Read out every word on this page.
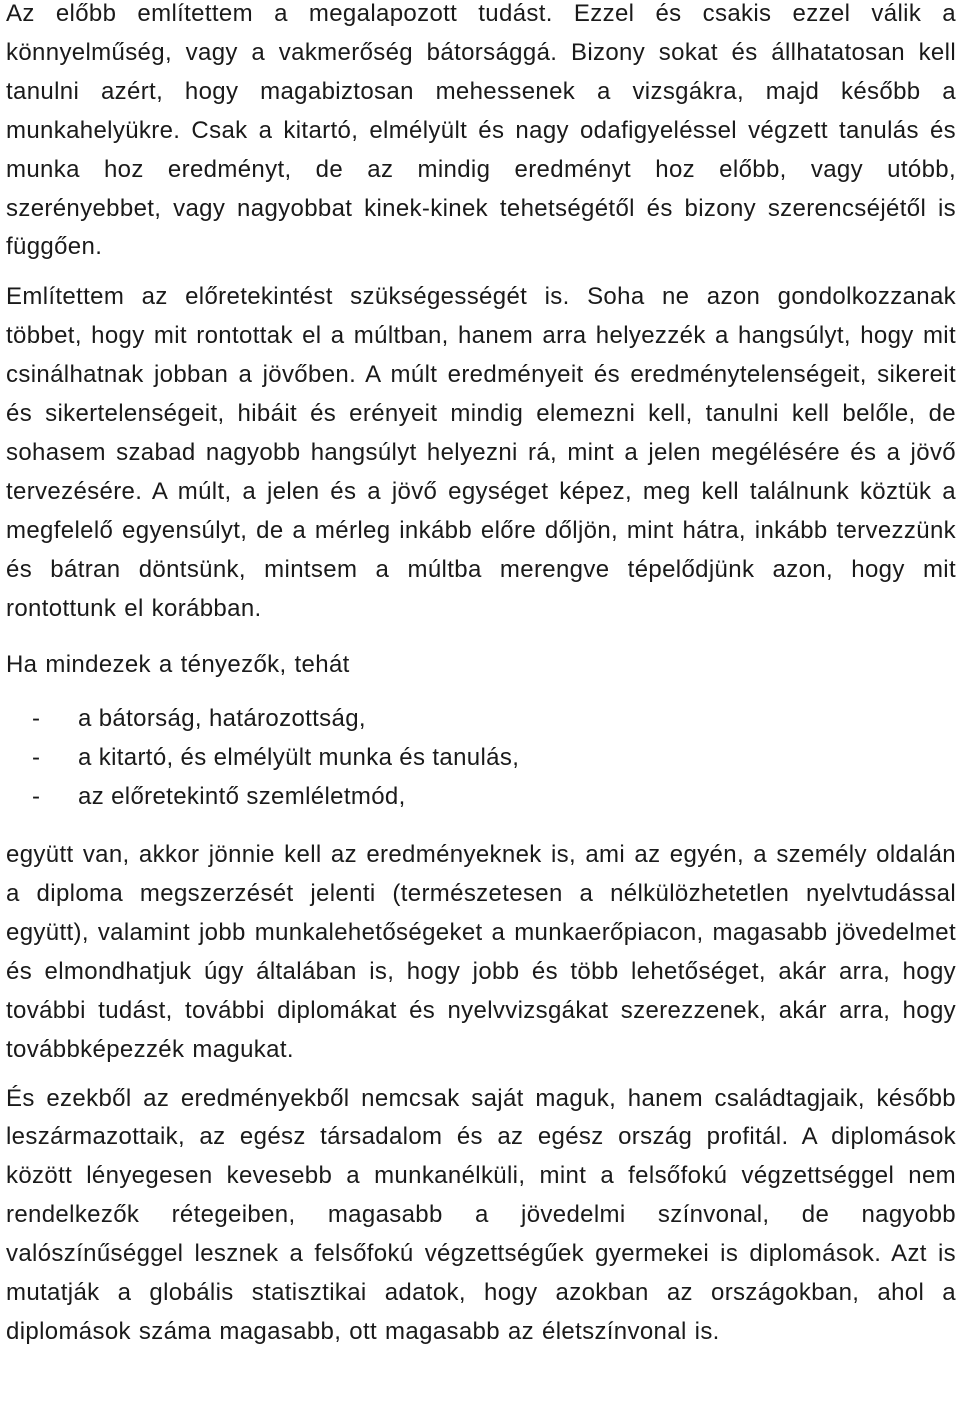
Az előbb említettem a megalapozott tudást. Ezzel és csakis ezzel válik a könnyelműség, vagy a vakmerőség bátorsággá. Bizony sokat és állhatatosan kell tanulni azért, hogy magabiztosan mehessenek a vizsgákra, majd később a munkahelyükre. Csak a kitartó, elmélyült és nagy odafigyeléssel végzett tanulás és munka hoz eredményt, de az mindig eredményt hoz előbb, vagy utóbb, szerényebbet, vagy nagyobbat kinek-kinek tehetségétől és bizony szerencséjétől is függően.

Említettem az előretekintést szükségességét is. Soha ne azon gondolkozzanak többet, hogy mit rontottak el a múltban, hanem arra helyezzék a hangsúlyt, hogy mit csinálhatnak jobban a jövőben. A múlt eredményeit és eredménytelenségeit, sikereit és sikertelenségeit, hibáit és erényeit mindig elemezni kell, tanulni kell belőle, de sohasem szabad nagyobb hangsúlyt helyezni rá, mint a jelen megélésére és a jövő tervezésére. A múlt, a jelen és a jövő egységet képez, meg kell találnunk köztük a megfelelő egyensúlyt, de a mérleg inkább előre dőljön, mint hátra, inkább tervezzünk és bátran döntsünk, mintsem a múltba merengve tépelődjünk azon, hogy mit rontottunk el korábban.

Ha mindezek a tényezők, tehát

-	a bátorság, határozottság,
-	a kitartó, és elmélyült munka és tanulás,
-	az előretekintő szemléletmód,

együtt van, akkor jönnie kell az eredményeknek is, ami az egyén, a személy oldalán a diploma megszerzését jelenti (természetesen a nélkülözhetetlen nyelvtudással együtt), valamint jobb munkalehetőségeket a munkaerőpiacon, magasabb jövedelmet és elmondhatjuk úgy általában is, hogy jobb és több lehetőséget, akár arra, hogy további tudást, további diplomákat és nyelvvizsgákat szerezzenek, akár arra, hogy továbbképezzék magukat.

És ezekből az eredményekből nemcsak saját maguk, hanem családtagjaik, később leszármazottaik, az egész társadalom és az egész ország profitál. A diplomások között lényegesen kevesebb a munkanélküli, mint a felsőfokú végzettséggel nem rendelkezők rétegeiben, magasabb a jövedelmi színvonal, de nagyobb valószínűséggel lesznek a felsőfokú végzettségűek gyermekei is diplomások. Azt is mutatják a globális statisztikai adatok, hogy azokban az országokban, ahol a diplomások száma magasabb, ott magasabb az életszínvonal is.
